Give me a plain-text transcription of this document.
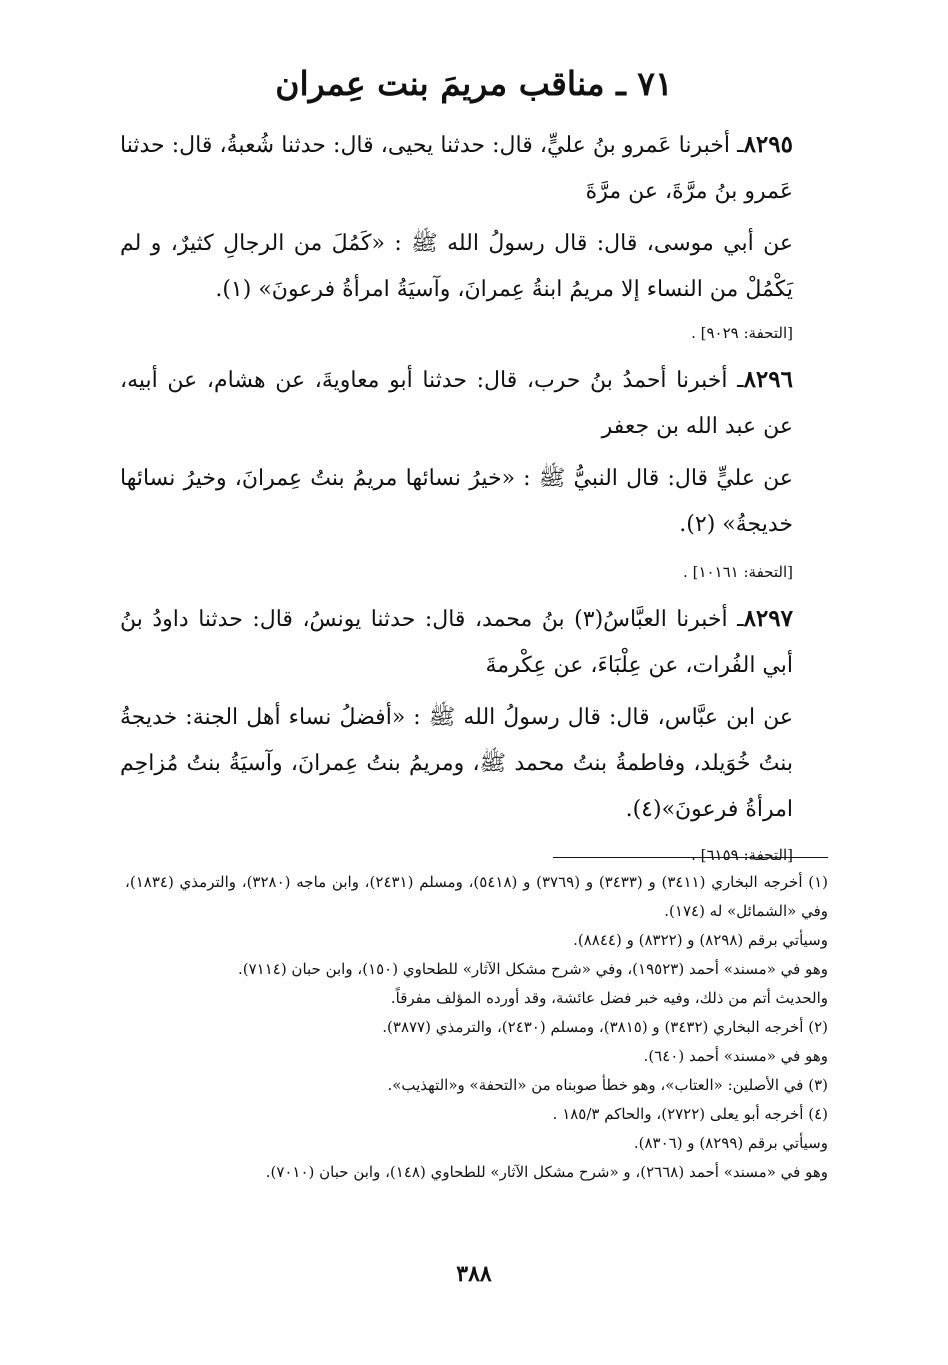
٧١ ـ مناقب مريمَ بنت عِمران

٨٢٩٥ـ أخبرنا عَمرو بنُ عليٍّ، قال: حدثنا يحيى، قال: حدثنا شُعبةُ، قال: حدثنا عَمرو بنُ مرَّةَ، عن مرَّةَ

عن أبي موسى، قال: قال رسولُ الله ﷺ : «كَمُلَ من الرجالِ كثيرٌ، و لم يَكْمُلْ من النساء إلا مريمُ ابنةُ عِمرانَ، وآسيَةُ امرأةُ فرعونَ» (١).

[التحفة: ٩٠٢٩] .

٨٢٩٦ـ أخبرنا أحمدُ بنُ حرب، قال: حدثنا أبو معاويةَ، عن هشام، عن أبيه، عن عبد الله بن جعفر

عن عليٍّ قال: قال النبيُّ ﷺ : «خيرُ نسائها مريمُ بنتُ عِمرانَ، وخيرُ نسائها خديجةُ» (٢).

[التحفة: ١٠١٦١] .

٨٢٩٧ـ أخبرنا العبَّاسُ(٣) بنُ محمد، قال: حدثنا يونسُ، قال: حدثنا داودُ بنُ أبي الفُرات، عن عِلْبَاءَ، عن عِكْرمةَ

عن ابن عبَّاس، قال: قال رسولُ الله ﷺ : «أفضلُ نساء أهل الجنة: خديجةُ بنتُ خُوَيلد، وفاطمةُ بنتُ محمد ﷺ، ومريمُ بنتُ عِمرانَ، وآسيَةُ بنتُ مُزاحِم امرأةُ فرعونَ»(٤).

[التحفة: ٦١٥٩] .

(١) أخرجه البخاري (٣٤١١) و (٣٤٣٣) و (٣٧٦٩) و (٥٤١٨)، ومسلم (٢٤٣١)، وابن ماجه (٣٢٨٠)، والترمذي (١٨٣٤)، وفي «الشمائل» له (١٧٤).

وسيأتي برقم (٨٢٩٨) و (٨٣٢٢) و (٨٨٤٤).

وهو في «مسند» أحمد (١٩٥٢٣)، وفي «شرح مشكل الآثار» للطحاوي (١٥٠)، وابن حبان (٧١١٤).

والحديث أتم من ذلك، وفيه خبر فضل عائشة، وقد أورده المؤلف مفرقاً.

(٢) أخرجه البخاري (٣٤٣٢) و (٣٨١٥)، ومسلم (٢٤٣٠)، والترمذي (٣٨٧٧).

وهو في «مسند» أحمد (٦٤٠).

(٣) في الأصلين: «العتاب»، وهو خطأ صوبناه من «التحفة» و«التهذيب».

(٤) أخرجه أبو يعلى (٢٧٢٢)، والحاكم ١٨٥/٣ .

وسيأتي برقم (٨٢٩٩) و (٨٣٠٦).

وهو في «مسند» أحمد (٢٦٦٨)، و «شرح مشكل الآثار» للطحاوي (١٤٨)، وابن حبان (٧٠١٠).

٣٨٨
